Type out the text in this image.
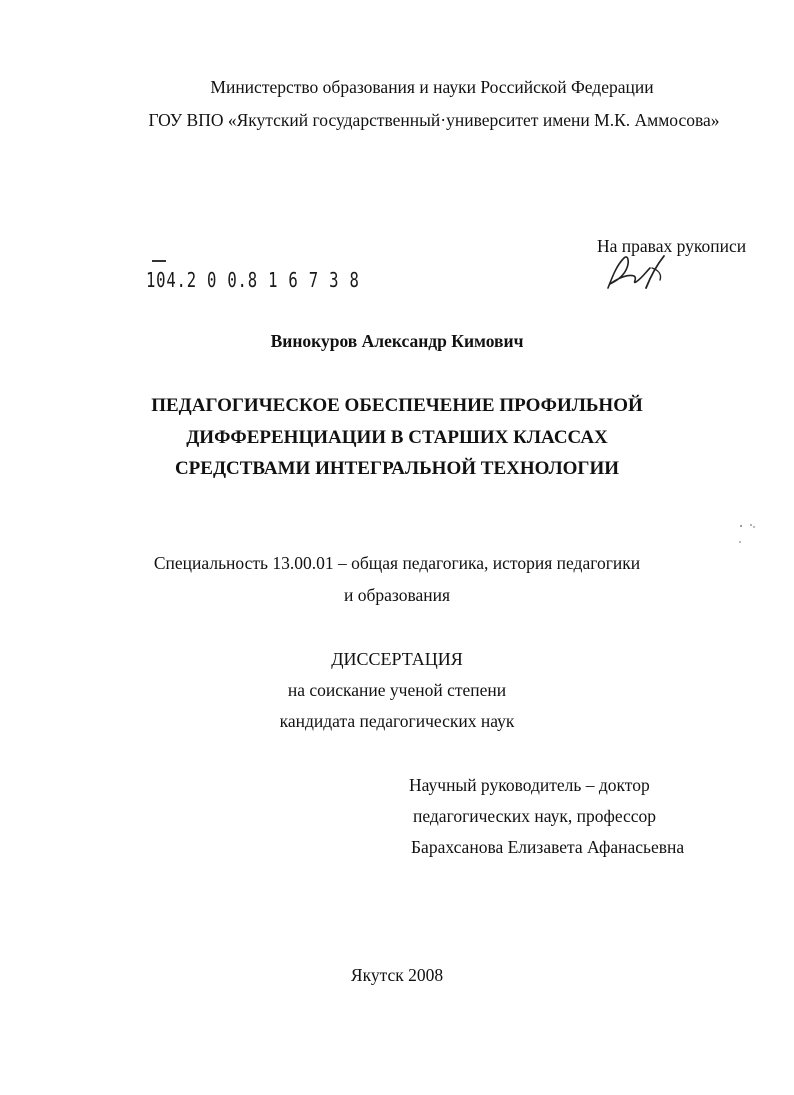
Министерство образования и науки Российской Федерации
ГОУ ВПО «Якутский государственный·университет имени М.К. Аммосова»
На правах рукописи
104.2 0 0.8 1 6 7 3 8
Винокуров Александр Кимович
ПЕДАГОГИЧЕСКОЕ ОБЕСПЕЧЕНИЕ ПРОФИЛЬНОЙ
ДИФФЕРЕНЦИАЦИИ В СТАРШИХ КЛАССАХ
СРЕДСТВАМИ ИНТЕГРАЛЬНОЙ ТЕХНОЛОГИИ
Специальность 13.00.01 – общая педагогика, история педагогики
и образования
ДИССЕРТАЦИЯ
на соискание ученой степени
кандидата педагогических наук
Научный руководитель – доктор
педагогических наук, профессор
Барахсанова Елизавета Афанасьевна
Якутск 2008
